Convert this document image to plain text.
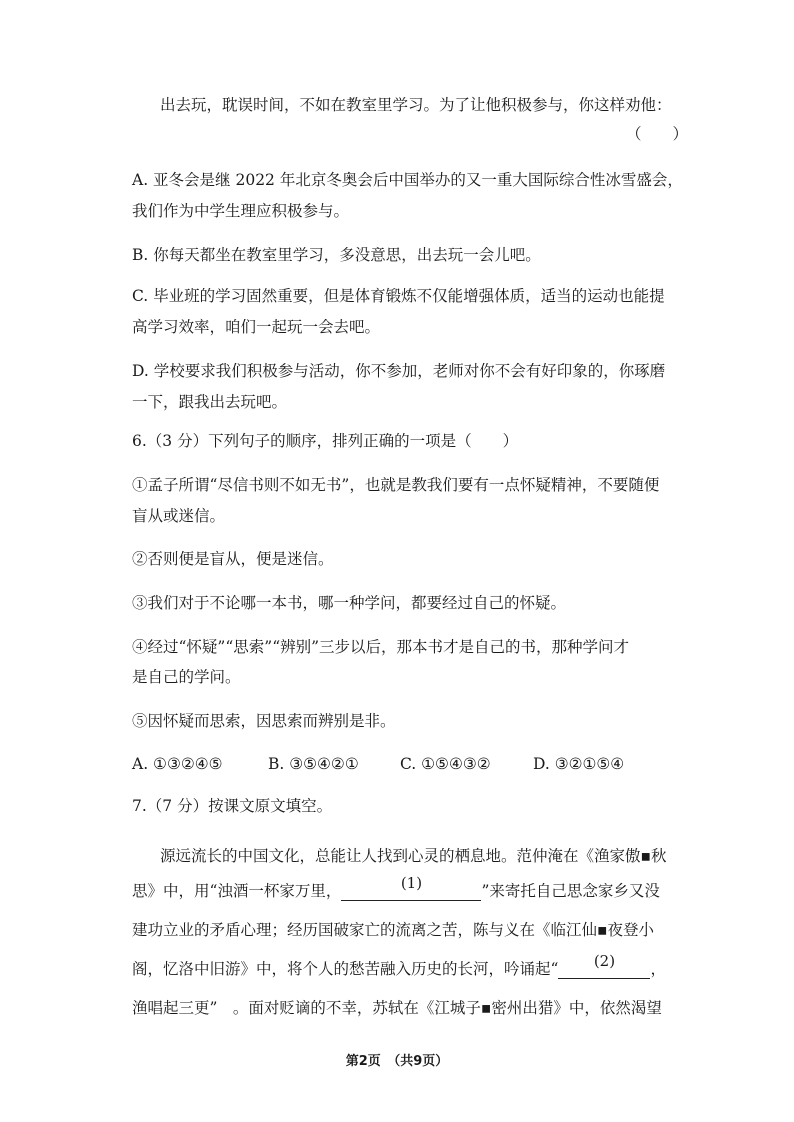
出去玩，耽误时间，不如在教室里学习。为了让他积极参与，你这样劝他：
（　　）
A. 亚冬会是继 2022 年北京冬奥会后中国举办的又一重大国际综合性冰雪盛会，
我们作为中学生理应积极参与。
B. 你每天都坐在教室里学习，多没意思，出去玩一会儿吧。
C. 毕业班的学习固然重要，但是体育锻炼不仅能增强体质，适当的运动也能提
高学习效率，咱们一起玩一会去吧。
D. 学校要求我们积极参与活动，你不参加，老师对你不会有好印象的，你琢磨
一下，跟我出去玩吧。
6.（3 分）下列句子的顺序，排列正确的一项是（　　）
①孟子所谓“尽信书则不如无书”，也就是教我们要有一点怀疑精神，不要随便
盲从或迷信。
②否则便是盲从，便是迷信。
③我们对于不论哪一本书，哪一种学问，都要经过自己的怀疑。
④经过“怀疑”“思索”“辨别”三步以后，那本书才是自己的书，那种学问才
是自己的学问。
⑤因怀疑而思索，因思索而辨别是非。
A. ①③②④⑤	B. ③⑤④②①	C. ①⑤④③②	D. ③②①⑤④
7.（7 分）按课文原文填空。
源远流长的中国文化，总能让人找到心灵的栖息地。范仲淹在《渔家傲▪秋
思》中，用“浊酒一杯家万里，	(1)	”来寄托自己思念家乡又没
建功立业的矛盾心理；经历国破家亡的流离之苦，陈与义在《临江仙▪夜登小
阁，忆洛中旧游》中，将个人的愁苦融入历史的长河，吟诵起“ (2) ，
渔唱起三更”　。面对贬谪的不幸，苏轼在《江城子▪密州出猎》中，依然渴望
第2页　（共9页）
